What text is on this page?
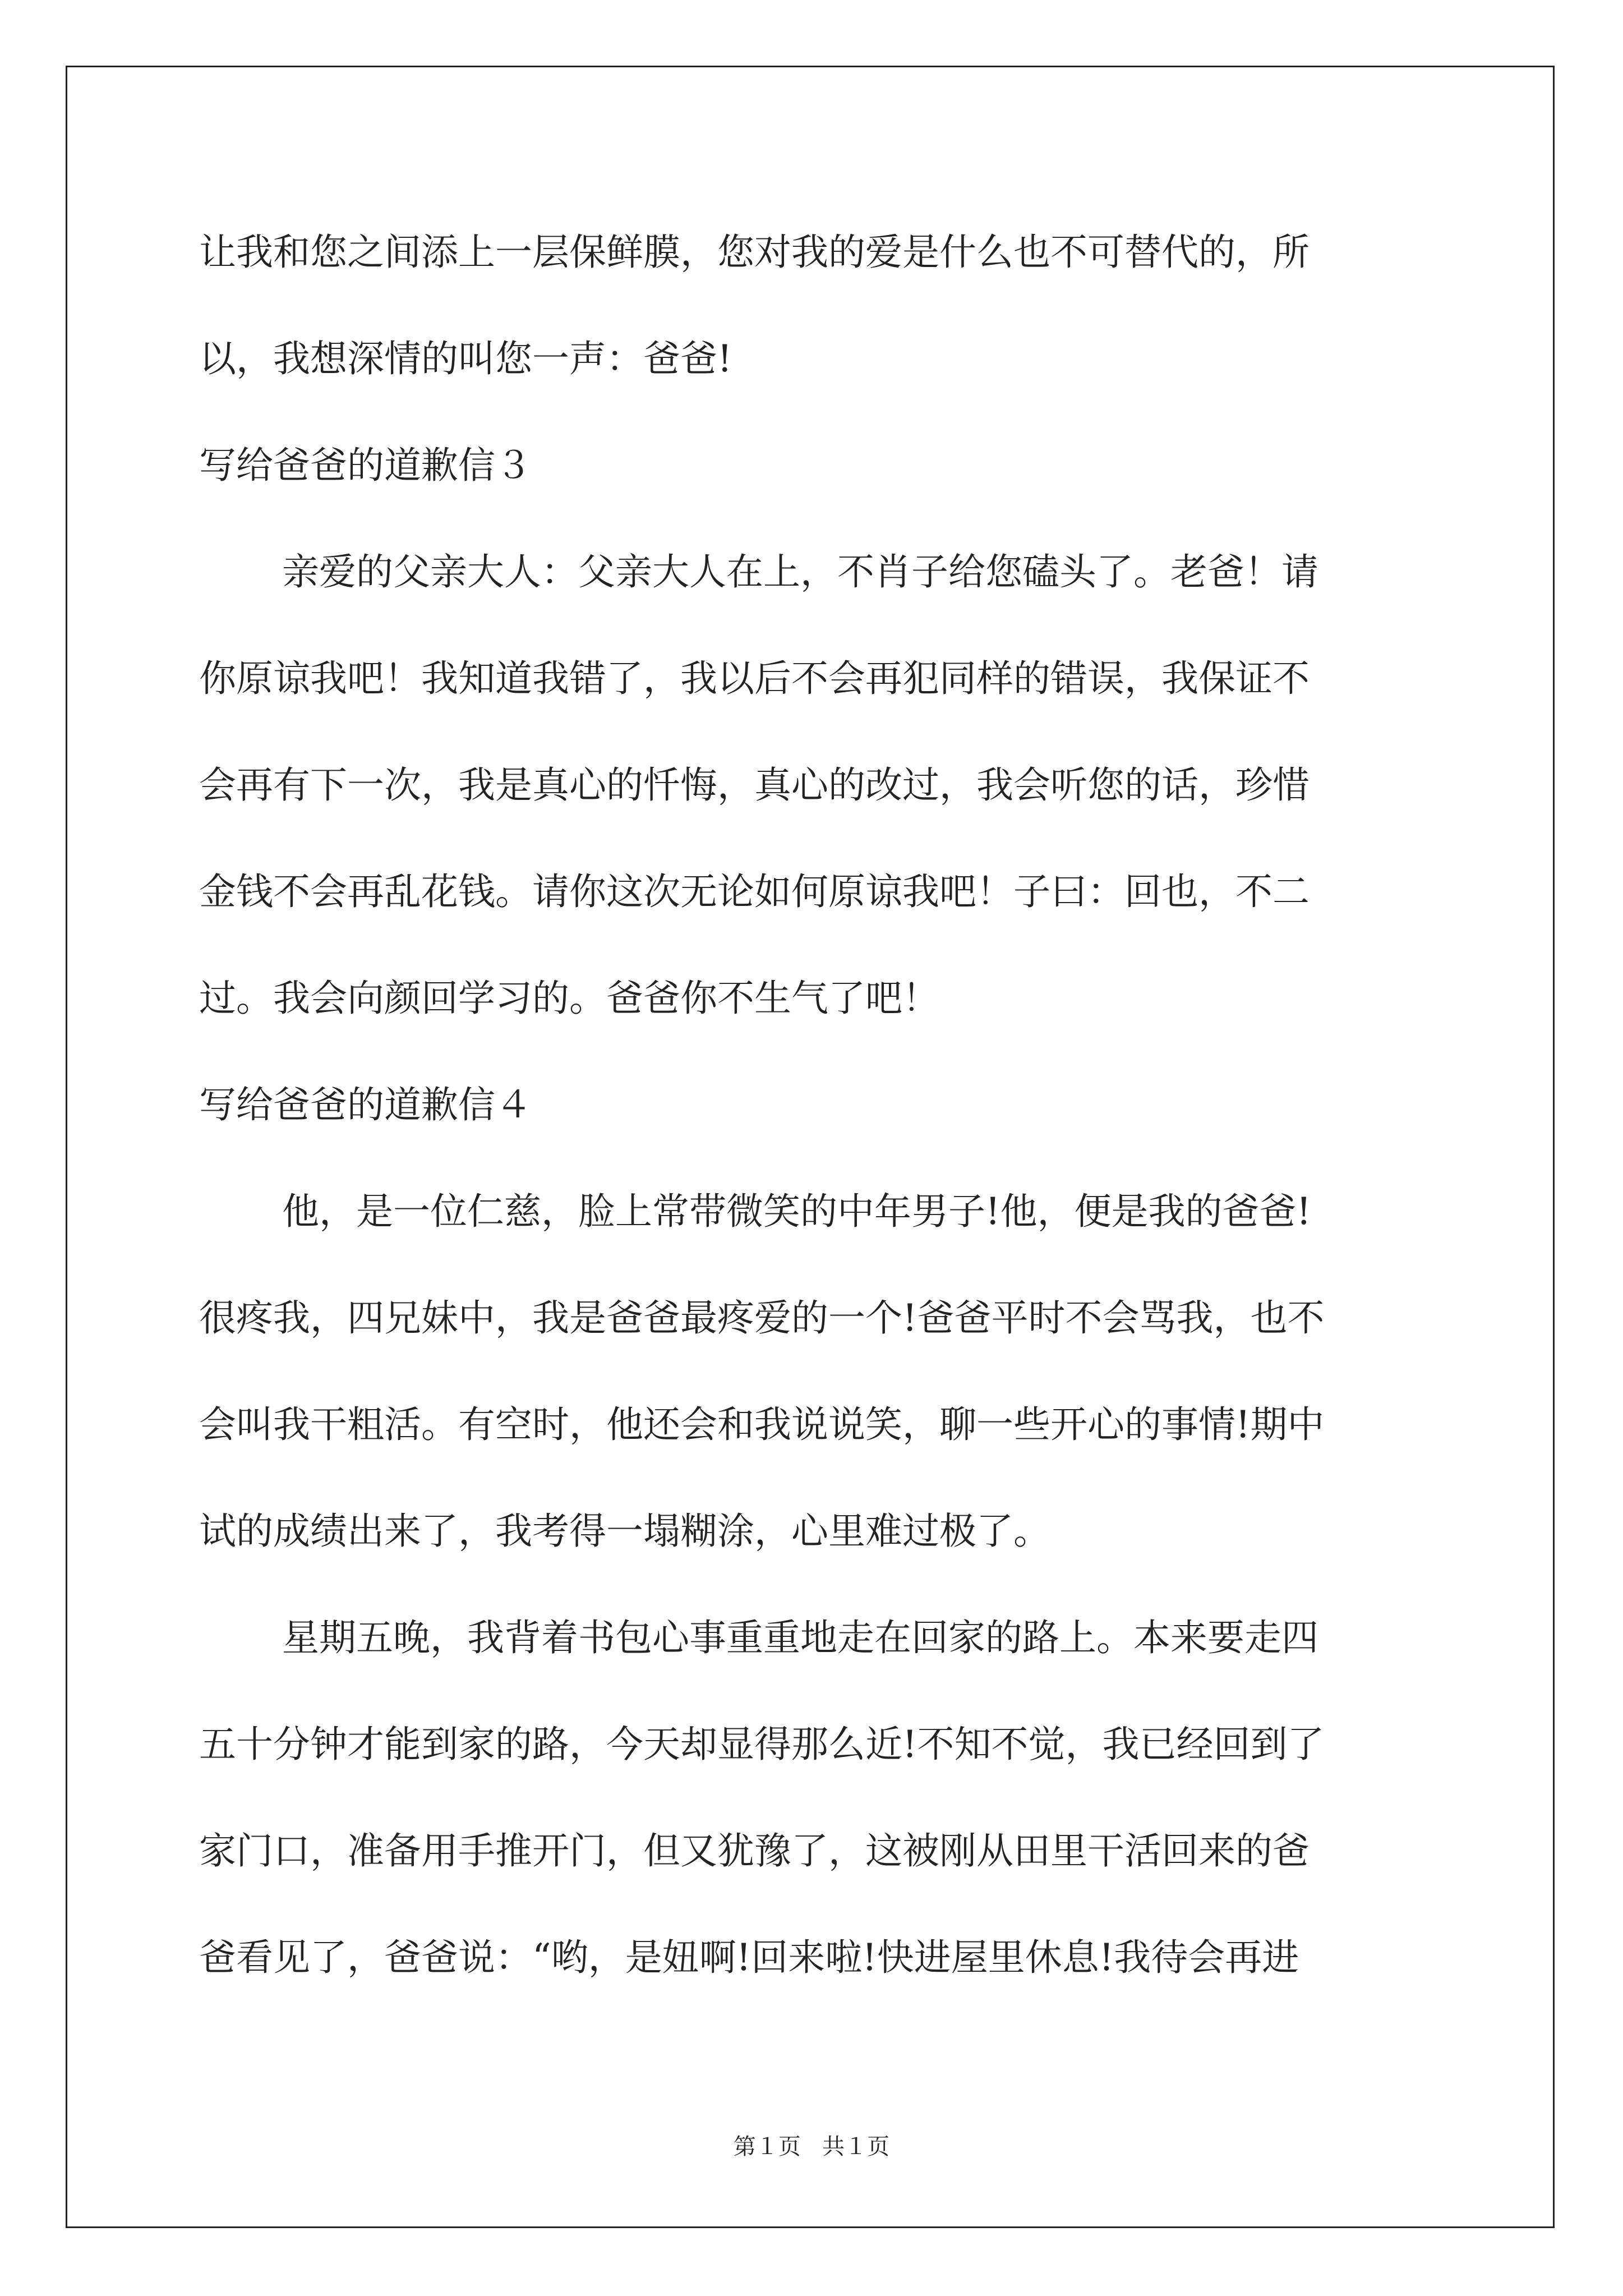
让我和您之间添上一层保鲜膜，您对我的爱是什么也不可替代的，所
以，我想深情的叫您一声：爸爸!
写给爸爸的道歉信３
亲爱的父亲大人：父亲大人在上，不肖子给您磕头了。老爸！请
你原谅我吧！我知道我错了，我以后不会再犯同样的错误，我保证不
会再有下一次，我是真心的忏悔，真心的改过，我会听您的话，珍惜
金钱不会再乱花钱。请你这次无论如何原谅我吧！子曰：回也，不二
过。我会向颜回学习的。爸爸你不生气了吧！
写给爸爸的道歉信４
他，是一位仁慈，脸上常带微笑的中年男子!他，便是我的爸爸!
很疼我，四兄妹中，我是爸爸最疼爱的一个!爸爸平时不会骂我，也不
会叫我干粗活。有空时，他还会和我说说笑，聊一些开心的事情!期中
试的成绩出来了，我考得一塌糊涂，心里难过极了。
星期五晚，我背着书包心事重重地走在回家的路上。本来要走四
五十分钟才能到家的路，今天却显得那么近!不知不觉，我已经回到了
家门口，准备用手推开门，但又犹豫了，这被刚从田里干活回来的爸
爸看见了，爸爸说：“哟，是妞啊!回来啦!快进屋里休息!我待会再进
第１页   共１页
